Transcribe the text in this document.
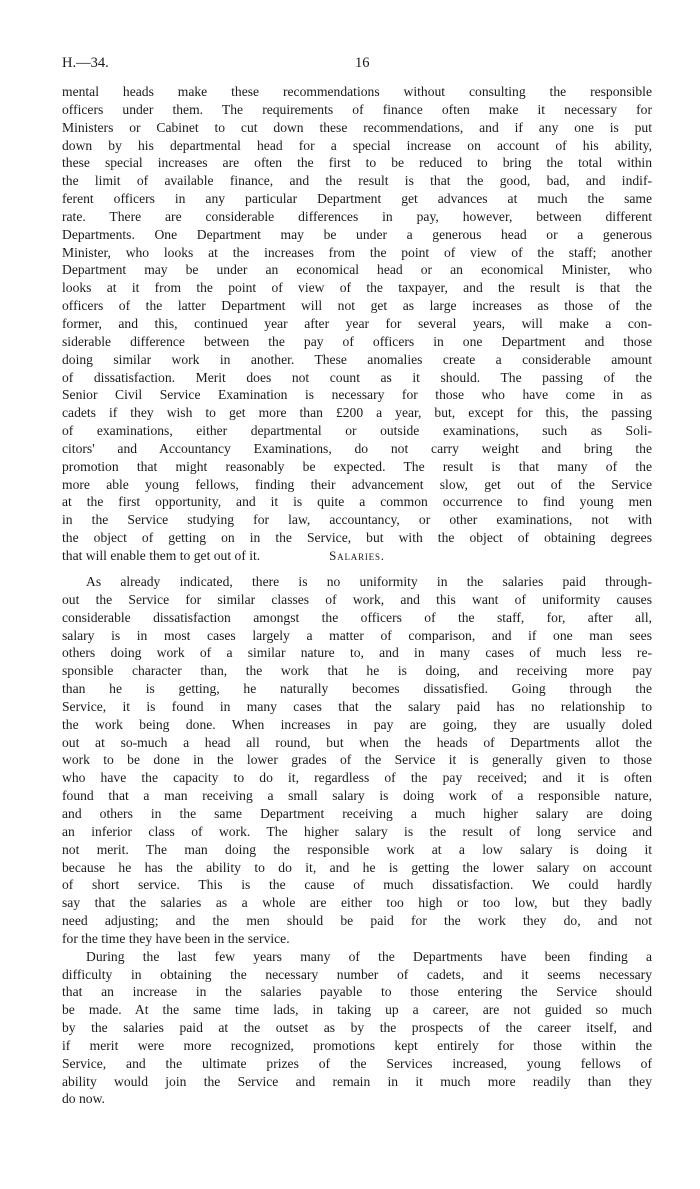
H.—34.	16
mental heads make these recommendations without consulting the responsible
officers under them. The requirements of finance often make it necessary for
Ministers or Cabinet to cut down these recommendations, and if any one is put
down by his departmental head for a special increase on account of his ability,
these special increases are often the first to be reduced to bring the total within
the limit of available finance, and the result is that the good, bad, and indif-
ferent officers in any particular Department get advances at much the same
rate. There are considerable differences in pay, however, between different
Departments. One Department may be under a generous head or a generous
Minister, who looks at the increases from the point of view of the staff; another
Department may be under an economical head or an economical Minister, who
looks at it from the point of view of the taxpayer, and the result is that the
officers of the latter Department will not get as large increases as those of the
former, and this, continued year after year for several years, will make a con-
siderable difference between the pay of officers in one Department and those
doing similar work in another. These anomalies create a considerable amount
of dissatisfaction. Merit does not count as it should. The passing of the
Senior Civil Service Examination is necessary for those who have come in as
cadets if they wish to get more than £200 a year, but, except for this, the passing
of examinations, either departmental or outside examinations, such as Soli-
citors' and Accountancy Examinations, do not carry weight and bring the
promotion that might reasonably be expected. The result is that many of the
more able young fellows, finding their advancement slow, get out of the Service
at the first opportunity, and it is quite a common occurrence to find young men
in the Service studying for law, accountancy, or other examinations, not with
the object of getting on in the Service, but with the object of obtaining degrees
that will enable them to get out of it.	Salaries.
As already indicated, there is no uniformity in the salaries paid through-
out the Service for similar classes of work, and this want of uniformity causes
considerable dissatisfaction amongst the officers of the staff, for, after all,
salary is in most cases largely a matter of comparison, and if one man sees
others doing work of a similar nature to, and in many cases of much less re-
sponsible character than, the work that he is doing, and receiving more pay
than he is getting, he naturally becomes dissatisfied. Going through the
Service, it is found in many cases that the salary paid has no relationship to
the work being done. When increases in pay are going, they are usually doled
out at so-much a head all round, but when the heads of Departments allot the
work to be done in the lower grades of the Service it is generally given to those
who have the capacity to do it, regardless of the pay received; and it is often
found that a man receiving a small salary is doing work of a responsible nature,
and others in the same Department receiving a much higher salary are doing
an inferior class of work. The higher salary is the result of long service and
not merit. The man doing the responsible work at a low salary is doing it
because he has the ability to do it, and he is getting the lower salary on account
of short service. This is the cause of much dissatisfaction. We could hardly
say that the salaries as a whole are either too high or too low, but they badly
need adjusting; and the men should be paid for the work they do, and not
for the time they have been in the service.
During the last few years many of the Departments have been finding a
difficulty in obtaining the necessary number of cadets, and it seems necessary
that an increase in the salaries payable to those entering the Service should
be made. At the same time lads, in taking up a career, are not guided so much
by the salaries paid at the outset as by the prospects of the career itself, and
if merit were more recognized, promotions kept entirely for those within the
Service, and the ultimate prizes of the Services increased, young fellows of
ability would join the Service and remain in it much more readily than they
do now.
